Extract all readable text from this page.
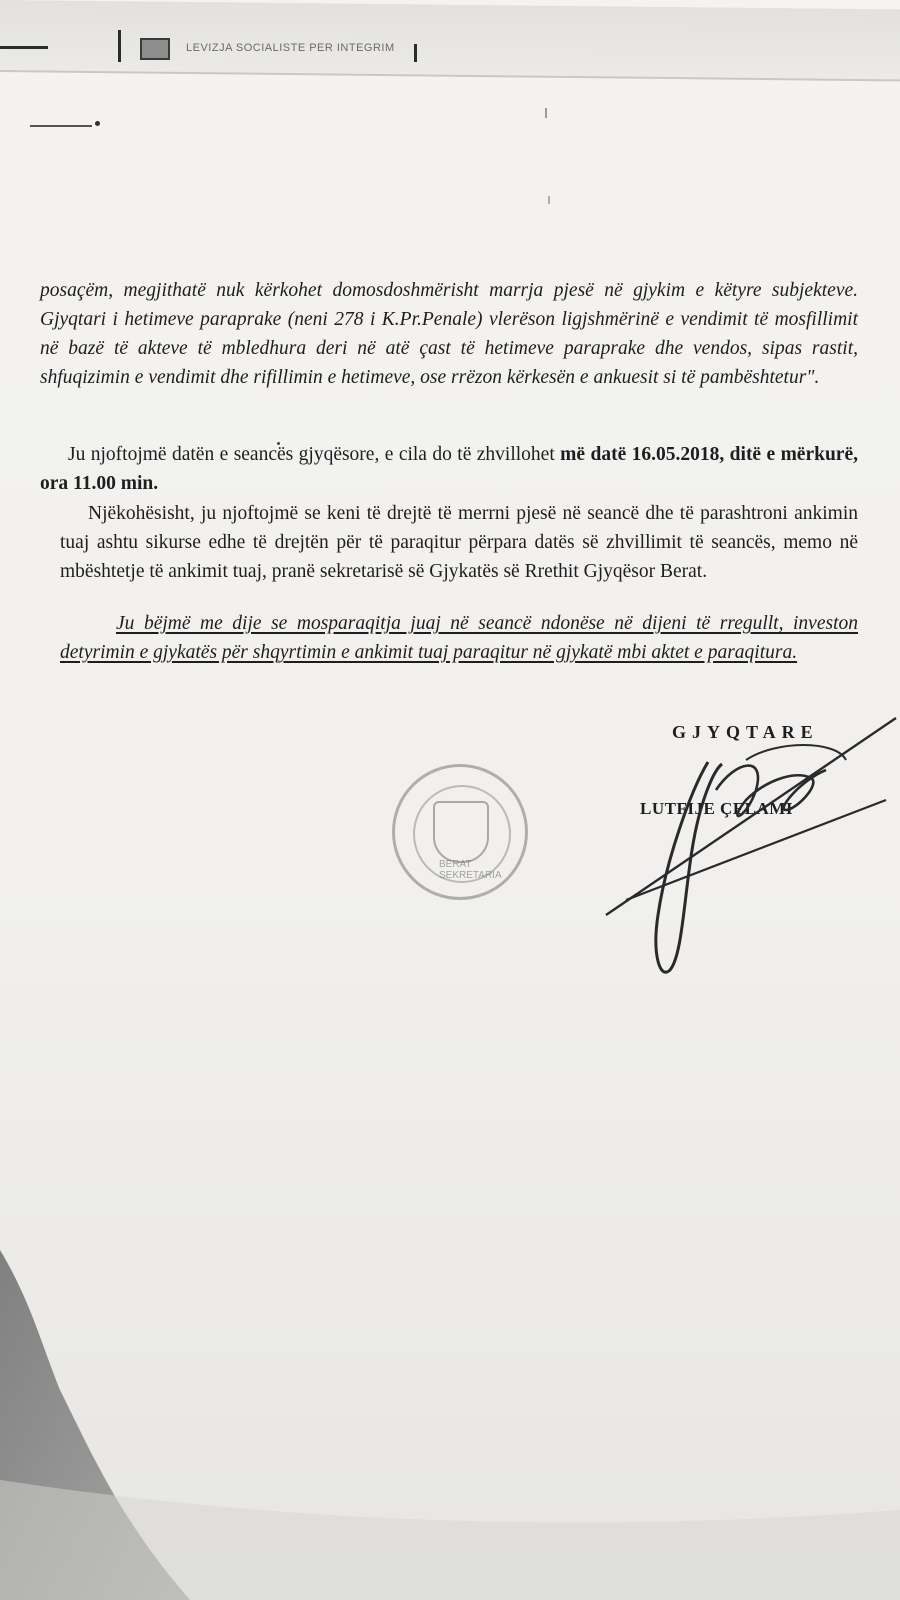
LEVIZJA SOCIALISTE PER INTEGRIM
posaçëm, megjithatë nuk kërkohet domosdoshmërisht marrja pjesë në gjykim e këtyre subjekteve. Gjyqtari i hetimeve paraprake (neni 278 i K.Pr.Penale) vlerëson ligjshmërinë e vendimit të mosfillimit në bazë të akteve të mbledhura deri në atë çast të hetimeve paraprake dhe vendos, sipas rastit, shfuqizimin e vendimit dhe rifillimin e hetimeve, ose rrëzon kërkesën e ankuesit si të pambështetur".
Ju njoftojmë datën e seancës gjyqësore, e cila do të zhvillohet më datë 16.05.2018, ditë e mërkurë, ora 11.00 min.
Njëkohësisht, ju njoftojmë se keni të drejtë të merrni pjesë në seancë dhe të parashtroni ankimin tuaj ashtu sikurse edhe të drejtën për të paraqitur përpara datës së zhvillimit të seancës, memo në mbështetje të ankimit tuaj, pranë sekretarisë së Gjykatës së Rrethit Gjyqësor Berat.
Ju bëjmë me dije se mosparaqitja juaj në seancë ndonëse në dijeni të rregullt, investon detyrimin e gjykatës për shqyrtimin e ankimit tuaj paraqitur në gjykatë mbi aktet e paraqitura.
BERAT SEKRETARIA
GJYQTARE
LUTFIJE ÇELAMI
